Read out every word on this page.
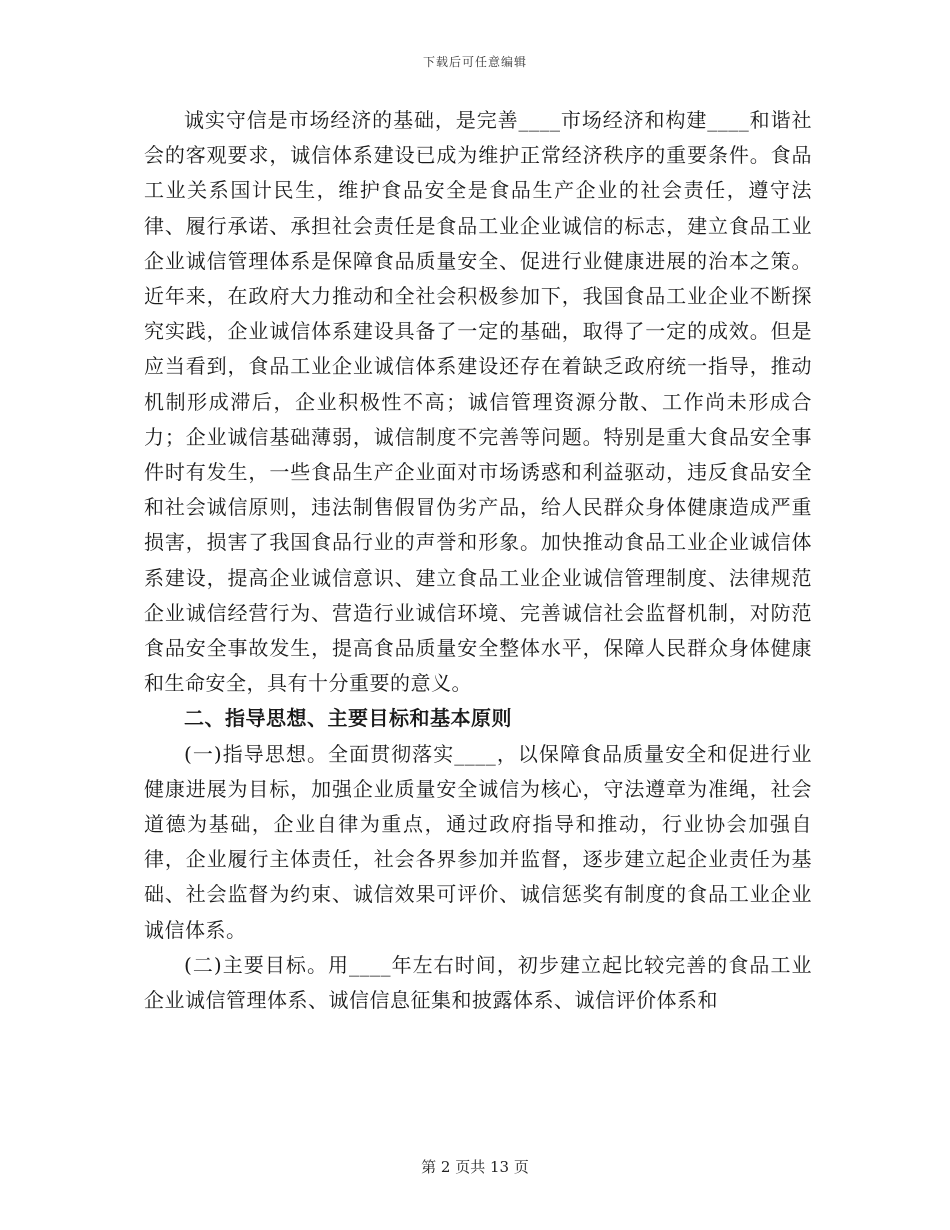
下载后可任意编辑

诚实守信是市场经济的基础，是完善____市场经济和构建____和谐社会的客观要求，诚信体系建设已成为维护正常经济秩序的重要条件。食品工业关系国计民生，维护食品安全是食品生产企业的社会责任，遵守法律、履行承诺、承担社会责任是食品工业企业诚信的标志，建立食品工业企业诚信管理体系是保障食品质量安全、促进行业健康进展的治本之策。近年来，在政府大力推动和全社会积极参加下，我国食品工业企业不断探究实践，企业诚信体系建设具备了一定的基础，取得了一定的成效。但是应当看到，食品工业企业诚信体系建设还存在着缺乏政府统一指导，推动机制形成滞后，企业积极性不高；诚信管理资源分散、工作尚未形成合力；企业诚信基础薄弱，诚信制度不完善等问题。特别是重大食品安全事件时有发生，一些食品生产企业面对市场诱惑和利益驱动，违反食品安全和社会诚信原则，违法制售假冒伪劣产品，给人民群众身体健康造成严重损害，损害了我国食品行业的声誉和形象。加快推动食品工业企业诚信体系建设，提高企业诚信意识、建立食品工业企业诚信管理制度、法律规范企业诚信经营行为、营造行业诚信环境、完善诚信社会监督机制，对防范食品安全事故发生，提高食品质量安全整体水平，保障人民群众身体健康和生命安全，具有十分重要的意义。

二、指导思想、主要目标和基本原则

(一)指导思想。全面贯彻落实____，以保障食品质量安全和促进行业健康进展为目标，加强企业质量安全诚信为核心，守法遵章为准绳，社会道德为基础，企业自律为重点，通过政府指导和推动，行业协会加强自律，企业履行主体责任，社会各界参加并监督，逐步建立起企业责任为基础、社会监督为约束、诚信效果可评价、诚信惩奖有制度的食品工业企业诚信体系。

(二)主要目标。用____年左右时间，初步建立起比较完善的食品工业企业诚信管理体系、诚信信息征集和披露体系、诚信评价体系和

第 2 页共 13 页
